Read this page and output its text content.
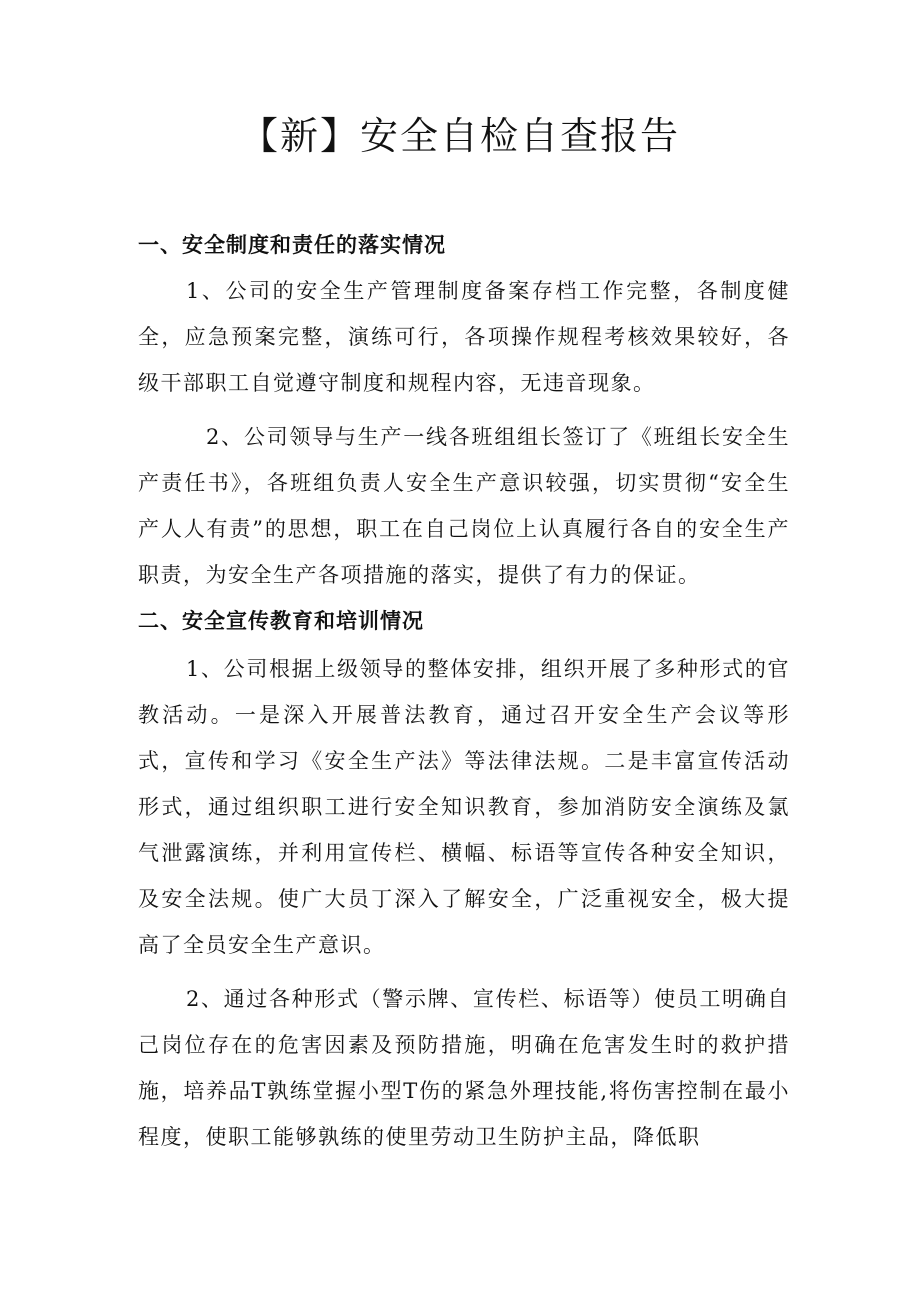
【新】安全自检自查报告
一、安全制度和责任的落实情况

1、公司的安全生产管理制度备案存档工作完整，各制度健全，应急预案完整，演练可行，各项操作规程考核效果较好，各级干部职工自觉遵守制度和规程内容，无违音现象。

2、公司领导与生产一线各班组组长签订了《班组长安全生产责任书》，各班组负责人安全生产意识较强，切实贯彻“安全生产人人有责”的思想，职工在自己岗位上认真履行各自的安全生产职责，为安全生产各项措施的落实，提供了有力的保证。

二、安全宣传教育和培训情况

1、公司根据上级领导的整体安排，组织开展了多种形式的官教活动。一是深入开展普法教育，通过召开安全生产会议等形式，宣传和学习《安全生产法》等法律法规。二是丰富宣传活动形式，通过组织职工进行安全知识教育，参加消防安全演练及氯气泄露演练，并利用宣传栏、横幅、标语等宣传各种安全知识，及安全法规。使广大员丁深入了解安全，广泛重视安全，极大提高了全员安全生产意识。

2、通过各种形式（警示牌、宣传栏、标语等）使员工明确自己岗位存在的危害因素及预防措施，明确在危害发生时的救护措施，培养品T孰练堂握小型T伤的紧急外理技能,将伤害控制在最小程度，使职工能够孰练的使里劳动卫生防护主品，降低职
